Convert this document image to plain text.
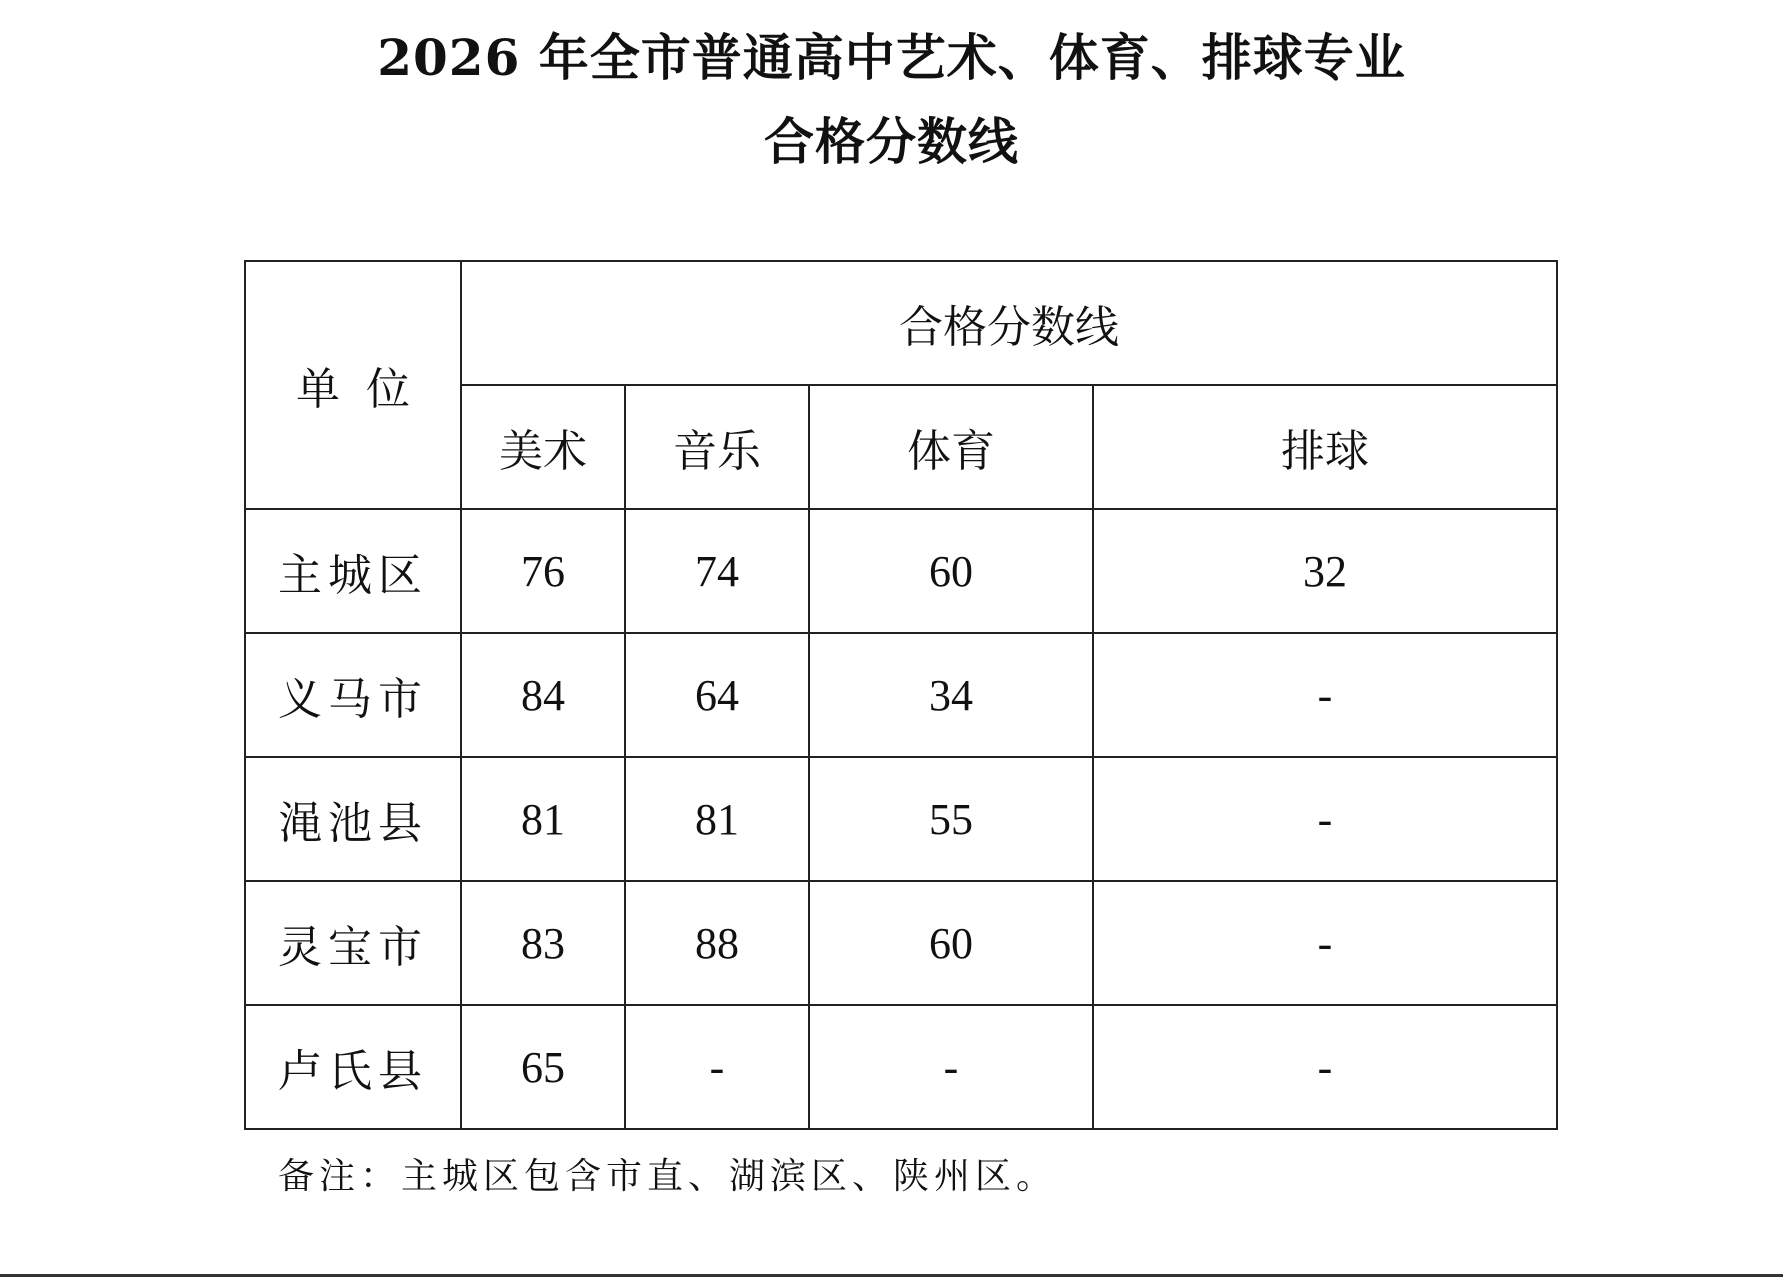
2026 年全市普通高中艺术、体育、排球专业
合格分数线
单位	合格分数线			
	美术	音乐	体育	排球
主城区	76	74	60	32
义马市	84	64	34	-
渑池县	81	81	55	-
灵宝市	83	88	60	-
卢氏县	65	-	-	-
备注：主城区包含市直、湖滨区、陕州区。
